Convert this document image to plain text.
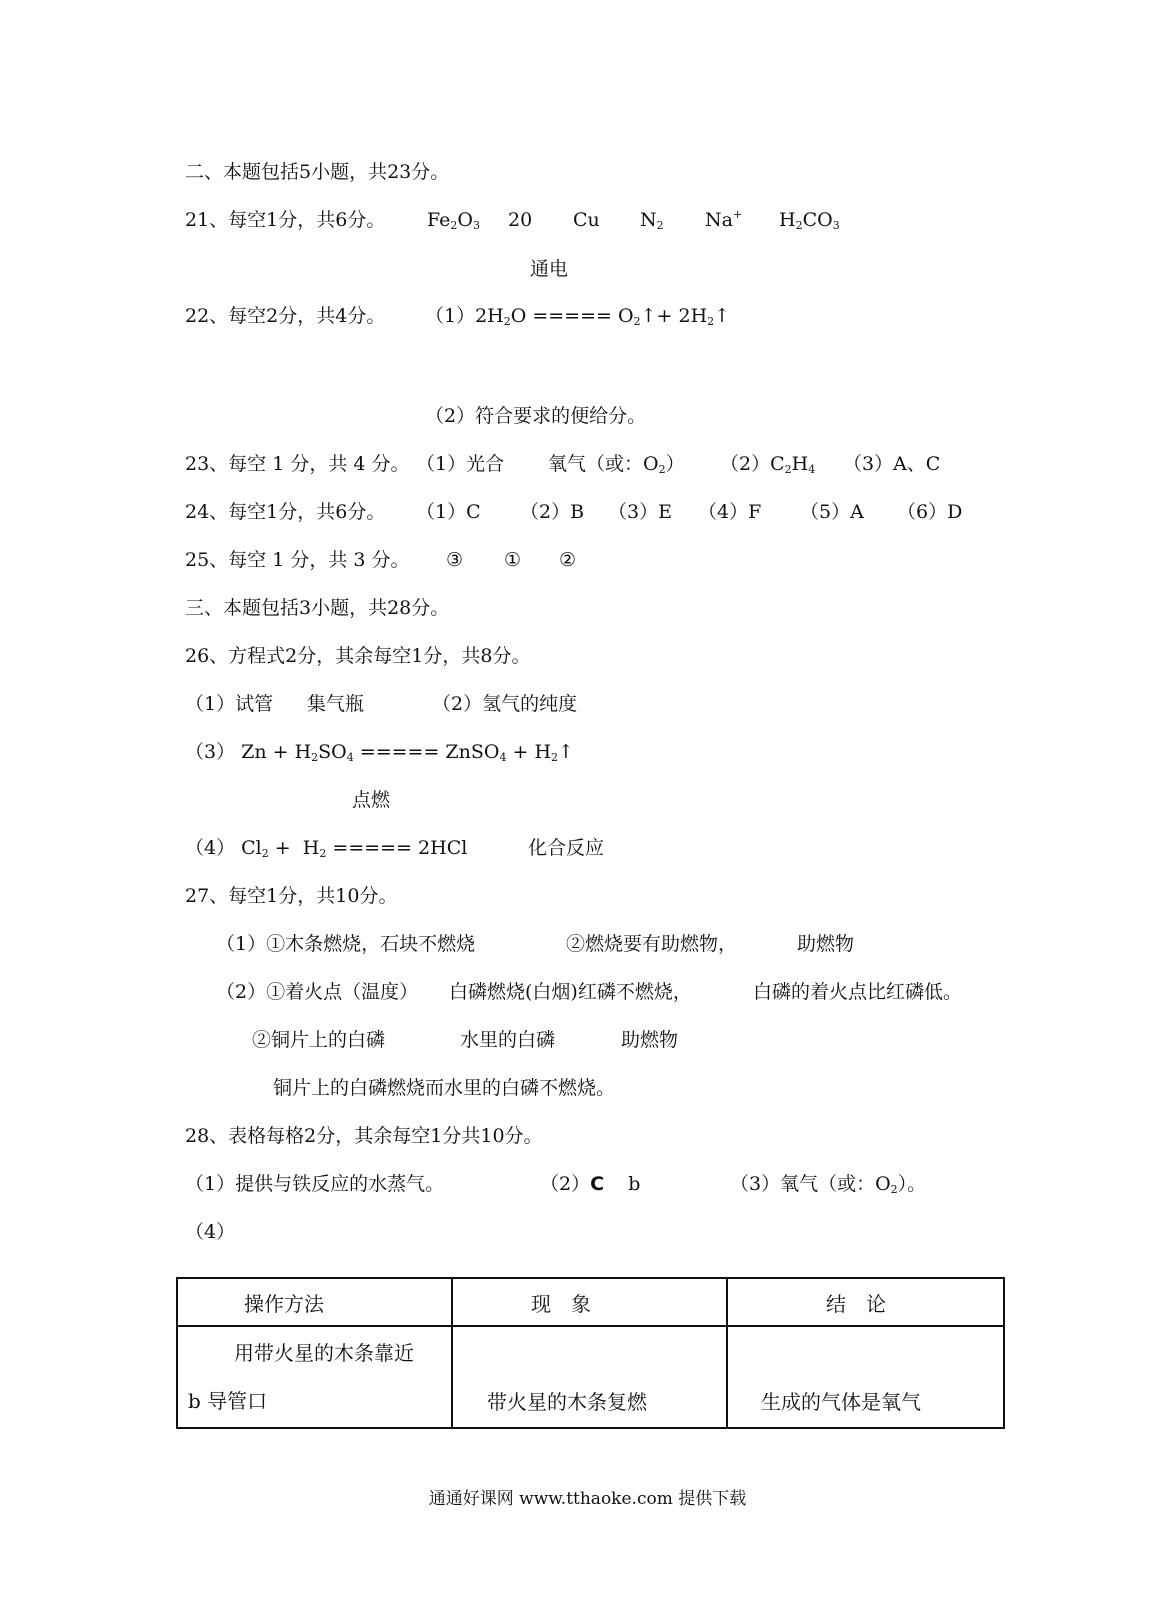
二、本题包括5小题，共23分。
21、每空1分，共6分。 $Fe_2O_3$ 20 Cu $N_2$ Na+ $H_2CO_3$
通电
22、每空2分，共4分。 $(1)2H_2O$ ===== $O_2↑+$ $2H_2↑$
（2）符合要求的便给分。
23、每空 1 分，共 4 分。 （1）光合 氧气（或：$O_2$） $(2)C_2H_4$ （3）A、C
24、每空1分，共6分。 （1）C （2）B （3）E （4）F （5）A （6）D
25、每空 1 分，共 3 分。 ③ ① ②
三、本题包括3小题，共28分。
26、方程式2分，其余每空1分，共8分。
（1）试管 集气瓶	（2）氢气的纯度
（3） $Zn + H_2SO_4$ ===== ZnSO$_4$ + $H_2↑$
点燃
（4） $Cl_2 + H_2$ ===== 2HCl	化合反应
27、每空1分，共10分。
（1）①木条燃烧，石块不燃烧	②燃烧要有助燃物，	助燃物
（2）①着火点（温度） 白磷燃烧(白烟)红磷不燃烧，	白磷的着火点比红磷低。
②铜片上的白磷	水里的白磷	助燃物
铜片上的白磷燃烧而水里的白磷不燃烧。
28、表格每格2分，其余每空1分共10分。
（1）提供与铁反应的水蒸气。	（2）C b	（3）氧气（或：$O_2$）。
（4）
操作方法	现　象	结　论

用带火星的木条靠近
b 导管口	带火星的木条复燃	生成的气体是氧气
通通好课网 www.tthaoke.com 提供下载
